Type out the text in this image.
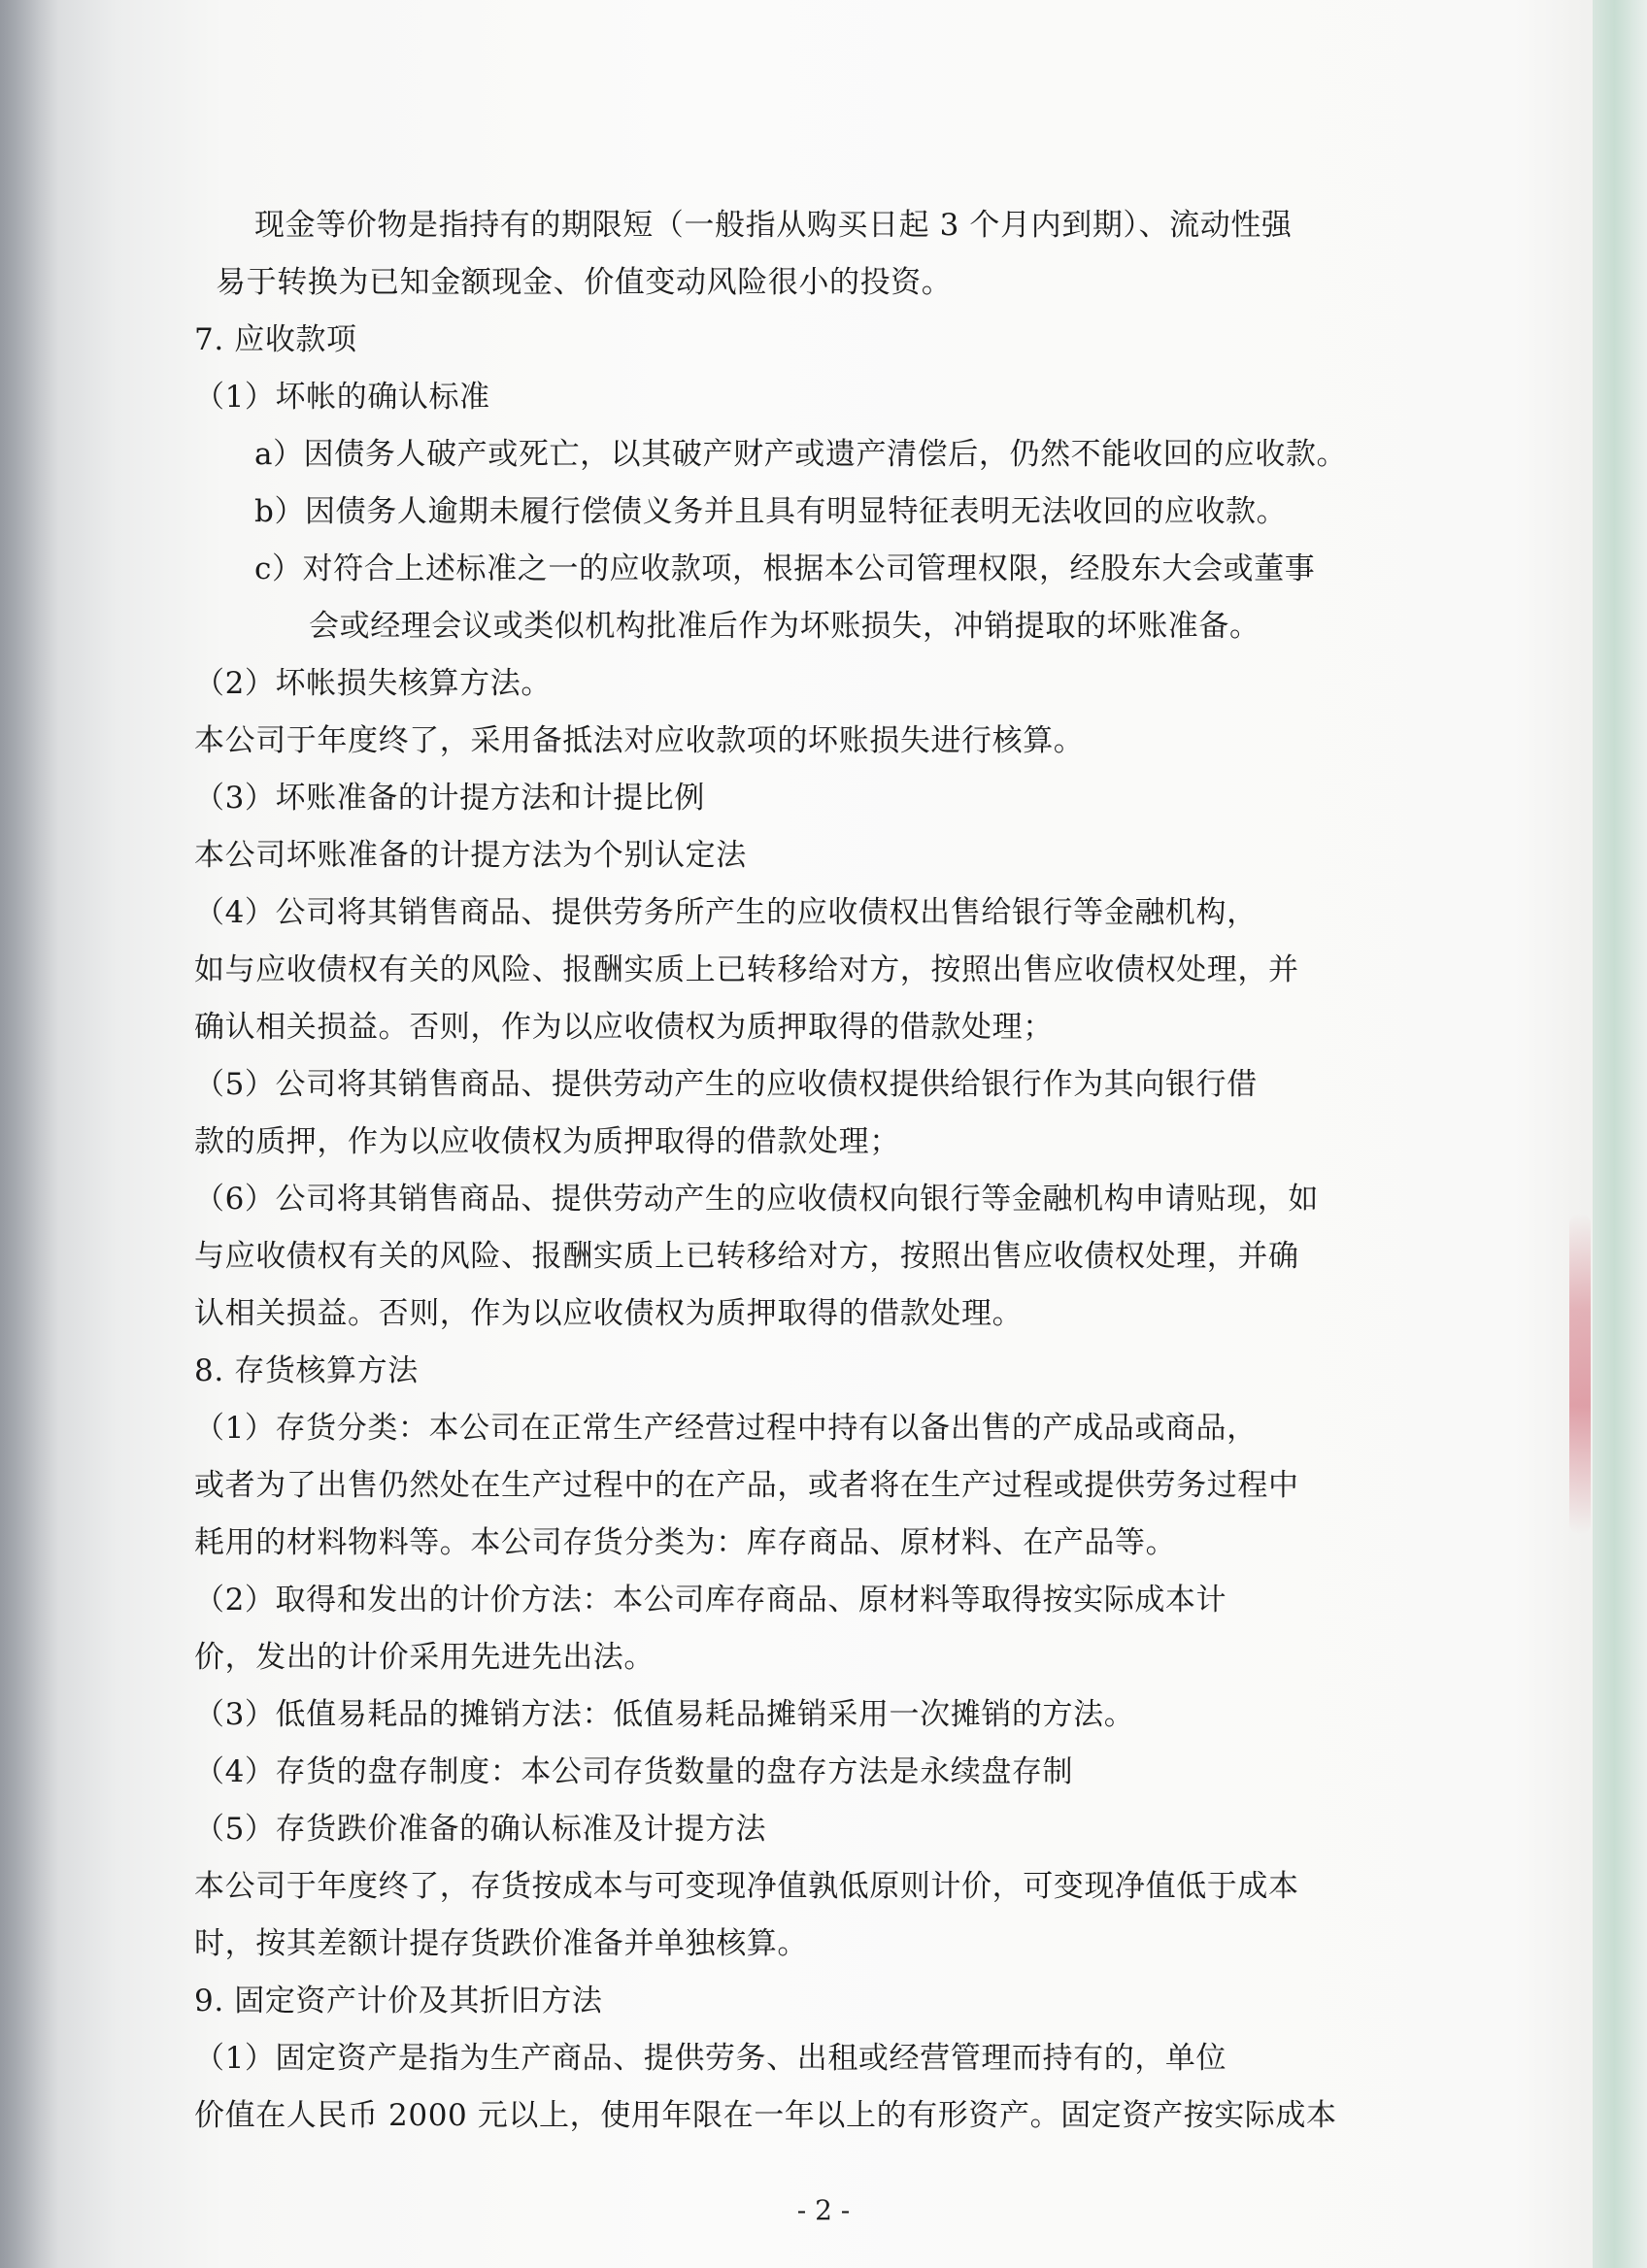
现金等价物是指持有的期限短（一般指从购买日起 3 个月内到期）、流动性强
易于转换为已知金额现金、价值变动风险很小的投资。
7. 应收款项
（1）坏帐的确认标准
a）因债务人破产或死亡，以其破产财产或遗产清偿后，仍然不能收回的应收款。
b）因债务人逾期未履行偿债义务并且具有明显特征表明无法收回的应收款。
c）对符合上述标准之一的应收款项，根据本公司管理权限，经股东大会或董事
会或经理会议或类似机构批准后作为坏账损失，冲销提取的坏账准备。
（2）坏帐损失核算方法。
本公司于年度终了，采用备抵法对应收款项的坏账损失进行核算。
（3）坏账准备的计提方法和计提比例
本公司坏账准备的计提方法为个别认定法
（4）公司将其销售商品、提供劳务所产生的应收债权出售给银行等金融机构，
如与应收债权有关的风险、报酬实质上已转移给对方，按照出售应收债权处理，并
确认相关损益。否则，作为以应收债权为质押取得的借款处理；
（5）公司将其销售商品、提供劳动产生的应收债权提供给银行作为其向银行借
款的质押，作为以应收债权为质押取得的借款处理；
（6）公司将其销售商品、提供劳动产生的应收债权向银行等金融机构申请贴现，如
与应收债权有关的风险、报酬实质上已转移给对方，按照出售应收债权处理，并确
认相关损益。否则，作为以应收债权为质押取得的借款处理。
8. 存货核算方法
（1）存货分类：本公司在正常生产经营过程中持有以备出售的产成品或商品，
或者为了出售仍然处在生产过程中的在产品，或者将在生产过程或提供劳务过程中
耗用的材料物料等。本公司存货分类为：库存商品、原材料、在产品等。
（2）取得和发出的计价方法：本公司库存商品、原材料等取得按实际成本计
价，发出的计价采用先进先出法。
（3）低值易耗品的摊销方法：低值易耗品摊销采用一次摊销的方法。
（4）存货的盘存制度：本公司存货数量的盘存方法是永续盘存制
（5）存货跌价准备的确认标准及计提方法
本公司于年度终了，存货按成本与可变现净值孰低原则计价，可变现净值低于成本
时，按其差额计提存货跌价准备并单独核算。
9. 固定资产计价及其折旧方法
（1）固定资产是指为生产商品、提供劳务、出租或经营管理而持有的，单位
价值在人民币 2000 元以上，使用年限在一年以上的有形资产。固定资产按实际成本
- 2 -
